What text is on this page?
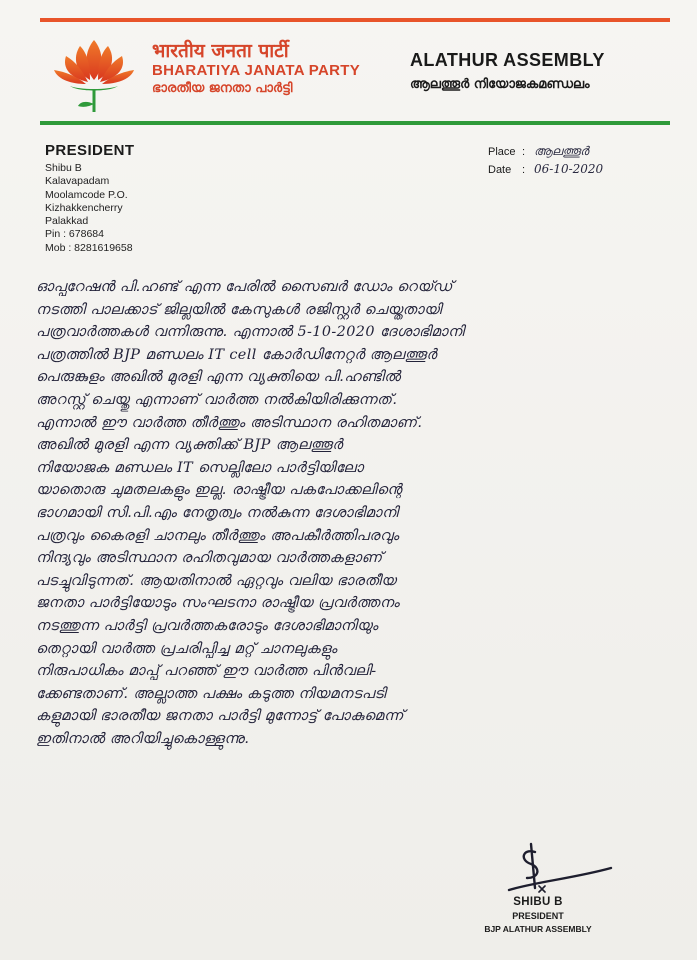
भारतीय जनता पार्टी
BHARATIYA JANATA PARTY
ഭാരതീയ ജനതാ പാർട്ടി
ALATHUR ASSEMBLY
ആലത്തൂർ നിയോജകമണ്ഡലം
PRESIDENT
Shibu B
Kalavapadam
Moolamcode P.O.
Kizhakkencherry
Palakkad
Pin : 678684
Mob : 8281619658
Place : ആലത്തൂർ
Date : 06-10-2020
ഓപ്പറേഷൻ പി.ഹണ്ട് എന്ന പേരിൽ സൈബർ ഡോം റെയ്ഡ്
നടത്തി പാലക്കാട് ജില്ലയിൽ കേസുകൾ രജിസ്റ്റർ ചെയ്തതായി
പത്രവാർത്തകൾ വന്നിരുന്നു. എന്നാൽ 5-10-2020 ദേശാഭിമാനി
പത്രത്തിൽ BJP മണ്ഡലം IT cell കോർഡിനേറ്റർ ആലത്തൂർ
പെരുങ്കുളം അഖിൽ മുരളി എന്ന വ്യക്തിയെ പി.ഹണ്ടിൽ
അറസ്റ്റ് ചെയ്തു എന്നാണ് വാർത്ത നൽകിയിരിക്കുന്നത്.
എന്നാൽ ഈ വാർത്ത തീർത്തും അടിസ്ഥാന രഹിതമാണ്.
അഖിൽ മുരളി എന്ന വ്യക്തിക്ക് BJP ആലത്തൂർ
നിയോജക മണ്ഡലം IT സെല്ലിലോ പാർട്ടിയിലോ
യാതൊരു ചുമതലകളും ഇല്ല. രാഷ്ട്രീയ പകപോക്കലിന്റെ
ഭാഗമായി സി.പി.എം നേതൃത്വം നൽകുന്ന ദേശാഭിമാനി
പത്രവും കൈരളി ചാനലും തീർത്തും അപകീർത്തിപരവും
നിന്ദ്യവും അടിസ്ഥാന രഹിതവുമായ വാർത്തകളാണ്
പടച്ചുവിടുന്നത്. ആയതിനാൽ ഏറ്റവും വലിയ ഭാരതീയ
ജനതാ പാർട്ടിയോടും സംഘടനാ രാഷ്ട്രീയ പ്രവർത്തനം
നടത്തുന്ന പാർട്ടി പ്രവർത്തകരോടും ദേശാഭിമാനിയും
തെറ്റായി വാർത്ത പ്രചരിപ്പിച്ച മറ്റ് ചാനലുകളും
നിരുപാധികം മാപ്പ് പറഞ്ഞ് ഈ വാർത്ത പിൻവലി-
ക്കേണ്ടതാണ്. അല്ലാത്ത പക്ഷം കടുത്ത നിയമനടപടി
കളുമായി ഭാരതീയ ജനതാ പാർട്ടി മുന്നോട്ട് പോകുമെന്ന്
ഇതിനാൽ അറിയിച്ചുകൊള്ളുന്നു.
SHIBU B
PRESIDENT
BJP ALATHUR ASSEMBLY
